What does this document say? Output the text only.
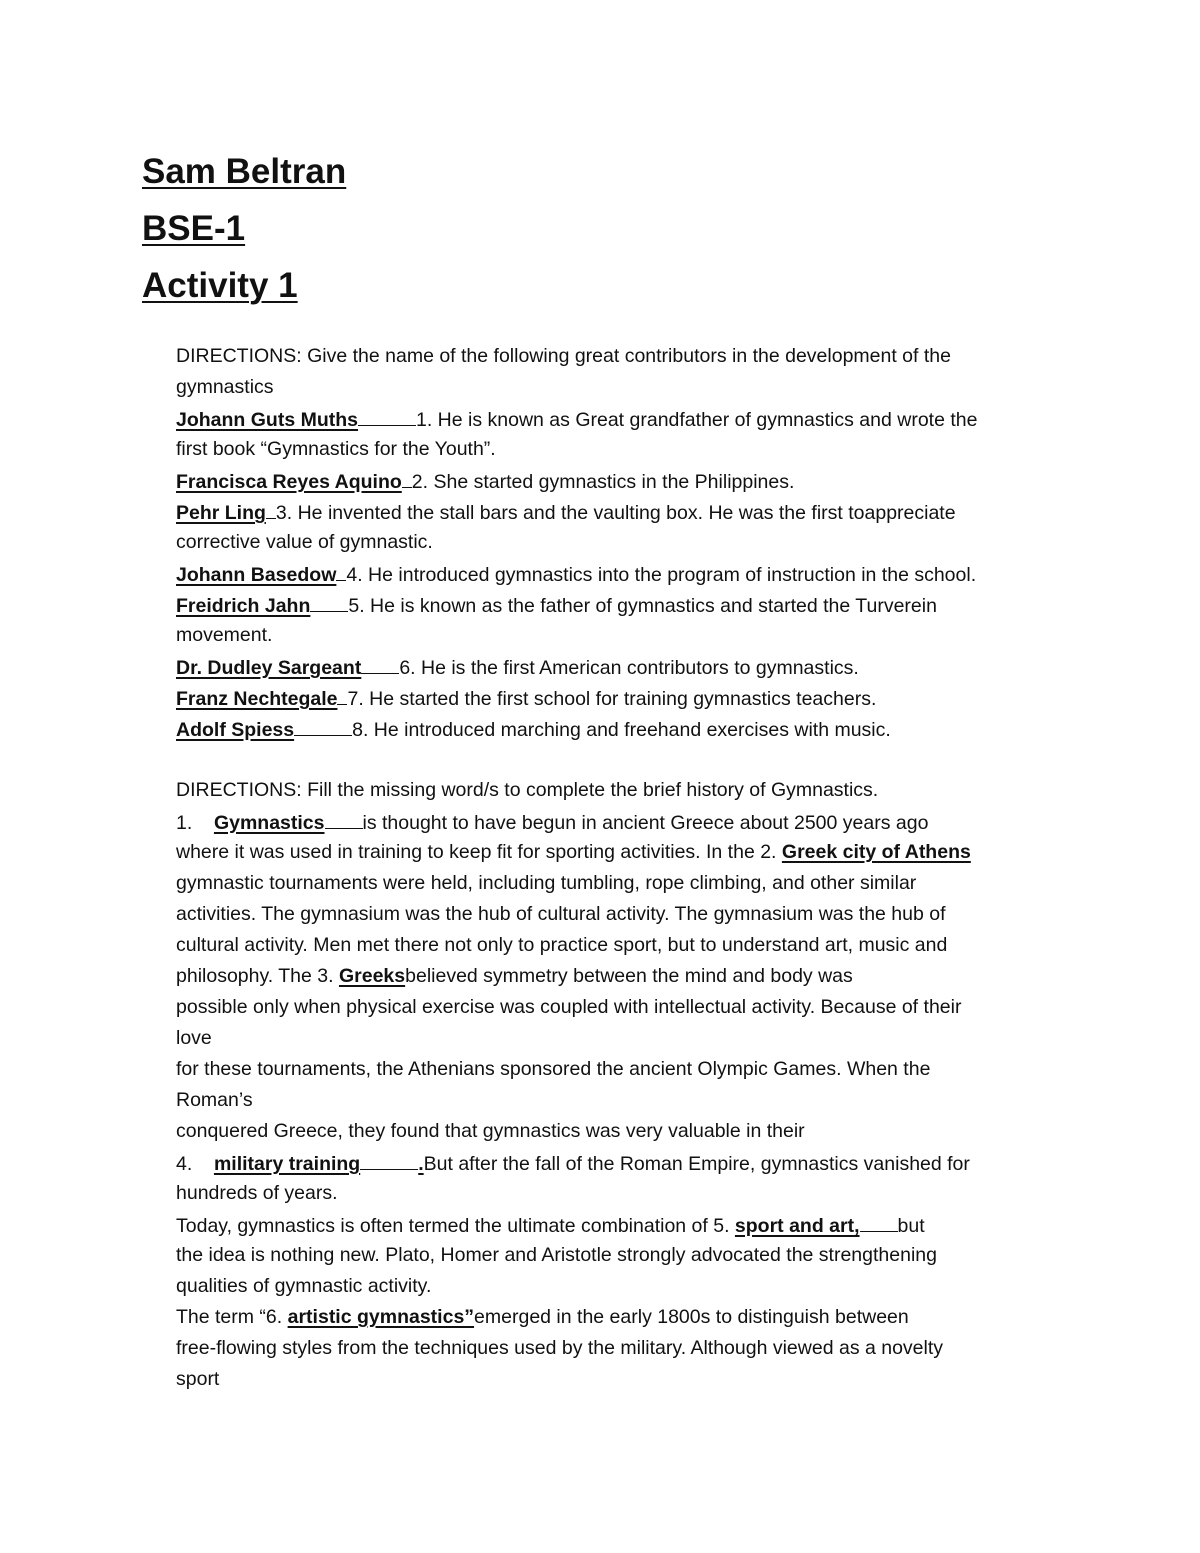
Sam Beltran
BSE-1
Activity 1
DIRECTIONS: Give the name of the following great contributors in the development of the
gymnastics
Johann Guts Muths	1. He is known as Great grandfather of gymnastics and wrote the
first book “Gymnastics for the Youth”.
Francisca Reyes Aquino 2. She started gymnastics in the Philippines.
Pehr Ling 3. He invented the stall bars and the vaulting box. He was the first toappreciate
corrective value of gymnastic.
Johann Basedow 4. He introduced gymnastics into the program of instruction in the school.
Freidrich Jahn 5. He is known as the father of gymnastics and started the Turverein
movement.
Dr. Dudley Sargeant 6. He is the first American contributors to gymnastics.
Franz Nechtegale 7. He started the first school for training gymnastics teachers.
Adolf Spiess	8. He introduced marching and freehand exercises with music.
DIRECTIONS: Fill the missing word/s to complete the brief history of Gymnastics.
1. Gymnastics is thought to have begun in ancient Greece about 2500 years ago
where it was used in training to keep fit for sporting activities. In the 2. Greek city of Athens
gymnastic tournaments were held, including tumbling, rope climbing, and other similar
activities. The gymnasium was the hub of cultural activity. The gymnasium was the hub of
cultural activity. Men met there not only to practice sport, but to understand art, music and
philosophy. The 3. Greeksbelieved symmetry between the mind and body was
possible only when physical exercise was coupled with intellectual activity. Because of their
love
for these tournaments, the Athenians sponsored the ancient Olympic Games. When the
Roman’s
conquered Greece, they found that gymnastics was very valuable in their
4. military training	.But after the fall of the Roman Empire, gymnastics vanished for
hundreds of years.
Today, gymnastics is often termed the ultimate combination of 5. sport and art, but
the idea is nothing new. Plato, Homer and Aristotle strongly advocated the strengthening
qualities of gymnastic activity.
The term “6. artistic gymnastics”emerged in the early 1800s to distinguish between
free-flowing styles from the techniques used by the military. Although viewed as a novelty
sport
